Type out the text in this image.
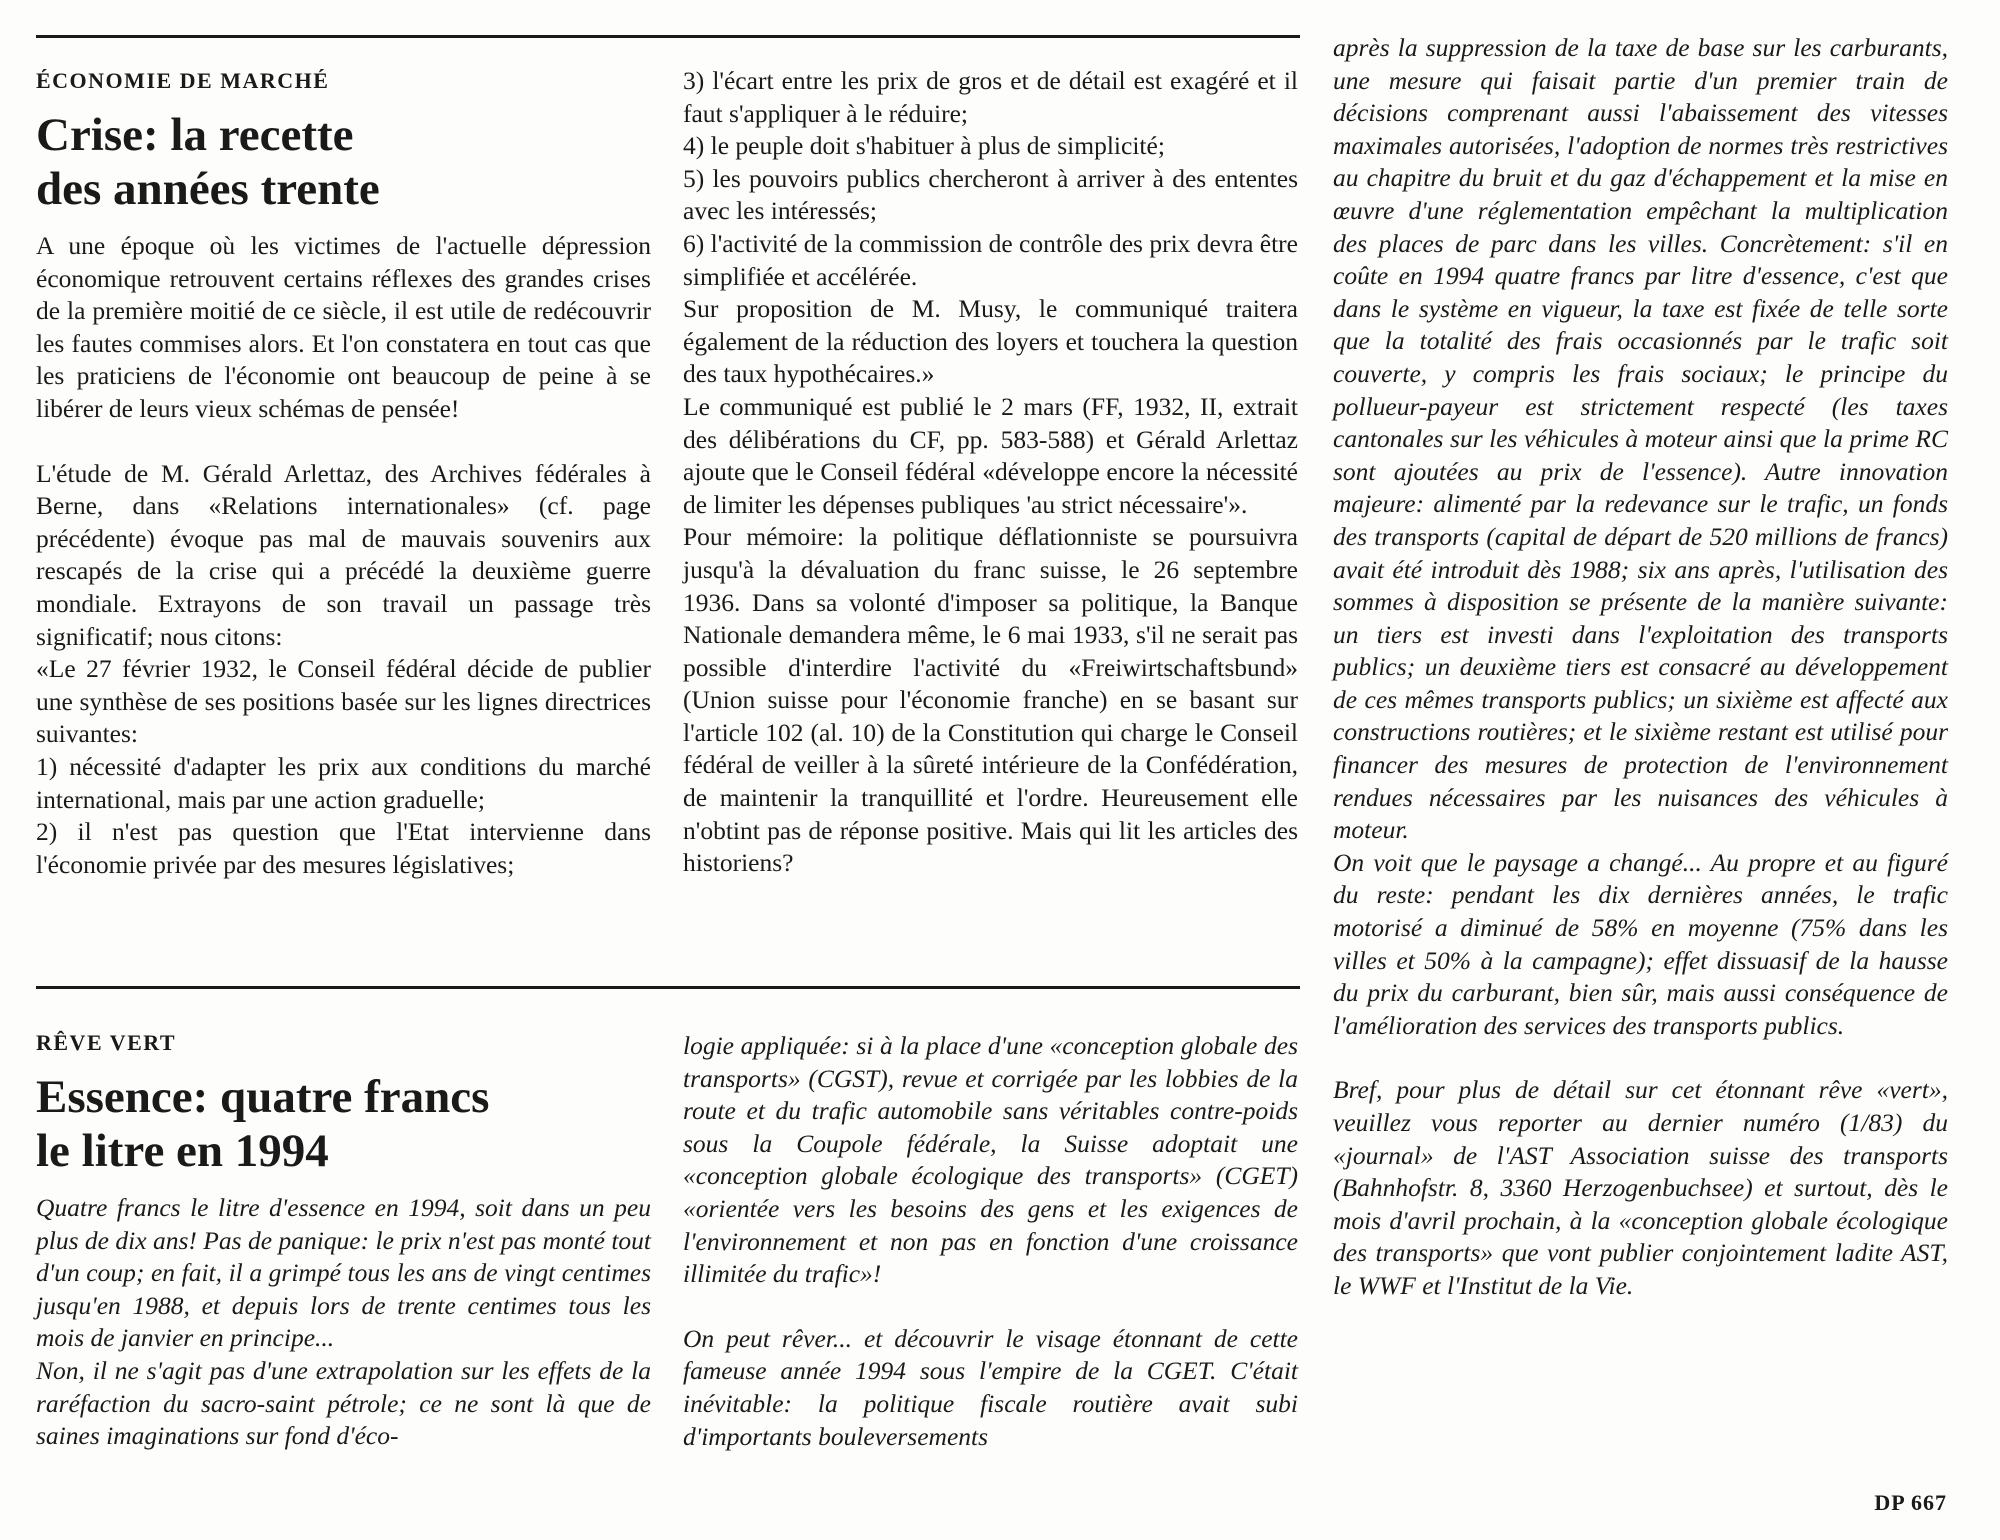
ÉCONOMIE DE MARCHÉ
Crise: la recette
des années trente

A une époque où les victimes de l'actuelle dépression économique retrouvent certains réflexes des grandes crises de la première moitié de ce siècle, il est utile de redécouvrir les fautes commises alors. Et l'on constatera en tout cas que les praticiens de l'économie ont beaucoup de peine à se libérer de leurs vieux schémas de pensée!

L'étude de M. Gérald Arlettaz, des Archives fédérales à Berne, dans «Relations internationales» (cf. page précédente) évoque pas mal de mauvais souvenirs aux rescapés de la crise qui a précédé la deuxième guerre mondiale. Extrayons de son travail un passage très significatif; nous citons:

«Le 27 février 1932, le Conseil fédéral décide de publier une synthèse de ses positions basée sur les lignes directrices suivantes:

1) nécessité d'adapter les prix aux conditions du marché international, mais par une action graduelle;

2) il n'est pas question que l'Etat intervienne dans l'économie privée par des mesures législatives;

3) l'écart entre les prix de gros et de détail est exagéré et il faut s'appliquer à le réduire;

4) le peuple doit s'habituer à plus de simplicité;

5) les pouvoirs publics chercheront à arriver à des ententes avec les intéressés;

6) l'activité de la commission de contrôle des prix devra être simplifiée et accélérée.

Sur proposition de M. Musy, le communiqué traitera également de la réduction des loyers et touchera la question des taux hypothécaires.»

Le communiqué est publié le 2 mars (FF, 1932, II, extrait des délibérations du CF, pp. 583-588) et Gérald Arlettaz ajoute que le Conseil fédéral «développe encore la nécessité de limiter les dépenses publiques 'au strict nécessaire'».

Pour mémoire: la politique déflationniste se poursuivra jusqu'à la dévaluation du franc suisse, le 26 septembre 1936. Dans sa volonté d'imposer sa politique, la Banque Nationale demandera même, le 6 mai 1933, s'il ne serait pas possible d'interdire l'activité du «Freiwirtschaftsbund» (Union suisse pour l'économie franche) en se basant sur l'article 102 (al. 10) de la Constitution qui charge le Conseil fédéral de veiller à la sûreté intérieure de la Confédération, de maintenir la tranquillité et l'ordre. Heureusement elle n'obtint pas de réponse positive. Mais qui lit les articles des historiens?

RÊVE VERT
Essence: quatre francs
le litre en 1994

Quatre francs le litre d'essence en 1994, soit dans un peu plus de dix ans! Pas de panique: le prix n'est pas monté tout d'un coup; en fait, il a grimpé tous les ans de vingt centimes jusqu'en 1988, et depuis lors de trente centimes tous les mois de janvier en principe...

Non, il ne s'agit pas d'une extrapolation sur les effets de la raréfaction du sacro-saint pétrole; ce ne sont là que de saines imaginations sur fond d'éco-

logie appliquée: si à la place d'une «conception globale des transports» (CGST), revue et corrigée par les lobbies de la route et du trafic automobile sans véritables contre-poids sous la Coupole fédérale, la Suisse adoptait une «conception globale écologique des transports» (CGET) «orientée vers les besoins des gens et les exigences de l'environnement et non pas en fonction d'une croissance illimitée du trafic»!

On peut rêver... et découvrir le visage étonnant de cette fameuse année 1994 sous l'empire de la CGET. C'était inévitable: la politique fiscale routière avait subi d'importants bouleversements

après la suppression de la taxe de base sur les carburants, une mesure qui faisait partie d'un premier train de décisions comprenant aussi l'abaissement des vitesses maximales autorisées, l'adoption de normes très restrictives au chapitre du bruit et du gaz d'échappement et la mise en œuvre d'une réglementation empêchant la multiplication des places de parc dans les villes. Concrètement: s'il en coûte en 1994 quatre francs par litre d'essence, c'est que dans le système en vigueur, la taxe est fixée de telle sorte que la totalité des frais occasionnés par le trafic soit couverte, y compris les frais sociaux; le principe du pollueur-payeur est strictement respecté (les taxes cantonales sur les véhicules à moteur ainsi que la prime RC sont ajoutées au prix de l'essence). Autre innovation majeure: alimenté par la redevance sur le trafic, un fonds des transports (capital de départ de 520 millions de francs) avait été introduit dès 1988; six ans après, l'utilisation des sommes à disposition se présente de la manière suivante: un tiers est investi dans l'exploitation des transports publics; un deuxième tiers est consacré au développement de ces mêmes transports publics; un sixième est affecté aux constructions routières; et le sixième restant est utilisé pour financer des mesures de protection de l'environnement rendues nécessaires par les nuisances des véhicules à moteur.

On voit que le paysage a changé... Au propre et au figuré du reste: pendant les dix dernières années, le trafic motorisé a diminué de 58% en moyenne (75% dans les villes et 50% à la campagne); effet dissuasif de la hausse du prix du carburant, bien sûr, mais aussi conséquence de l'amélioration des services des transports publics.

Bref, pour plus de détail sur cet étonnant rêve «vert», veuillez vous reporter au dernier numéro (1/83) du «journal» de l'AST Association suisse des transports (Bahnhofstr. 8, 3360 Herzogenbuchsee) et surtout, dès le mois d'avril prochain, à la «conception globale écologique des transports» que vont publier conjointement ladite AST, le WWF et l'Institut de la Vie.

DP 667
